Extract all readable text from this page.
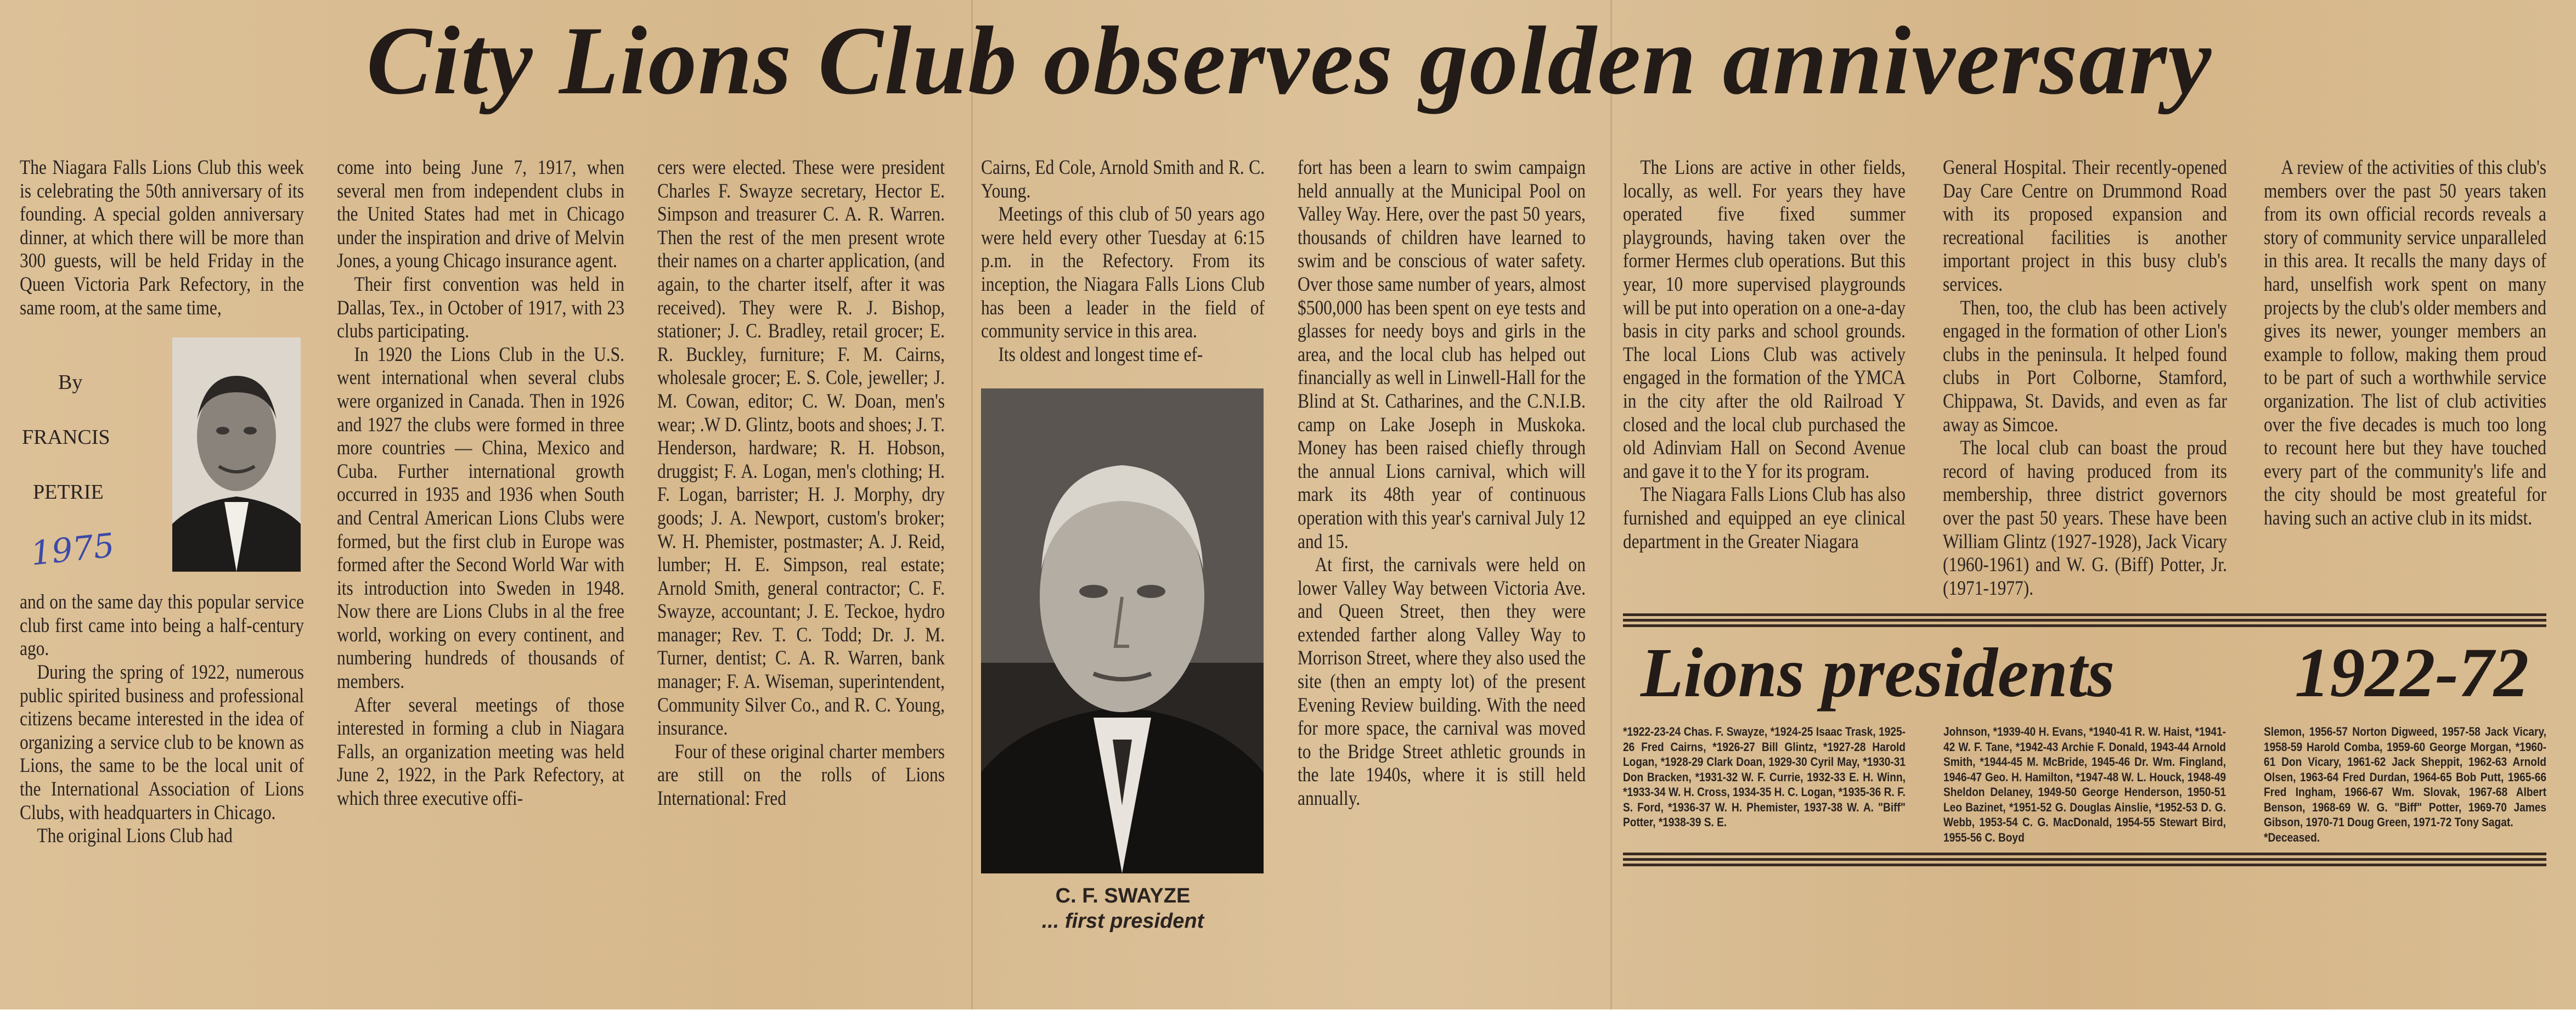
City Lions Club observes golden anniversary

The Niagara Falls Lions Club this week is celebrating the 50th anniversary of its founding. A special golden anniversary dinner, at which there will be more than 300 guests, will be held Friday in the Queen Victoria Park Refectory, in the same room, at the same time,

By
FRANCIS
PETRIE
1975

and on the same day this popular service club first came into being a half-century ago.

During the spring of 1922, numerous public spirited business and professional citizens became interested in the idea of organizing a service club to be known as Lions, the same to be the local unit of the International Association of Lions Clubs, with headquarters in Chicago.

The original Lions Club had

come into being June 7, 1917, when several men from independent clubs in the United States had met in Chicago under the inspiration and drive of Melvin Jones, a young Chicago insurance agent.

Their first convention was held in Dallas, Tex., in October of 1917, with 23 clubs participating.

In 1920 the Lions Club in the U.S. went international when several clubs were organized in Canada. Then in 1926 and 1927 the clubs were formed in three more countries — China, Mexico and Cuba. Further international growth occurred in 1935 and 1936 when South and Central American Lions Clubs were formed, but the first club in Europe was formed after the Second World War with its introduction into Sweden in 1948. Now there are Lions Clubs in al the free world, working on every continent, and numbering hundreds of thousands of members.

After several meetings of those interested in forming a club in Niagara Falls, an organization meeting was held June 2, 1922, in the Park Refectory, at which three executive offi-

cers were elected. These were president Charles F. Swayze secretary, Hector E. Simpson and treasurer C. A. R. Warren. Then the rest of the men present wrote their names on a charter application, (and again, to the charter itself, after it was received). They were R. J. Bishop, stationer; J. C. Bradley, retail grocer; E. R. Buckley, furniture; F. M. Cairns, wholesale grocer; E. S. Cole, jeweller; J. M. Cowan, editor; C. W. Doan, men's wear; .W D. Glintz, boots and shoes; J. T. Henderson, hardware; R. H. Hobson, druggist; F. A. Logan, men's clothing; H. F. Logan, barrister; H. J. Morphy, dry goods; J. A. Newport, custom's broker; W. H. Phemister, postmaster; A. J. Reid, lumber; H. E. Simpson, real estate; Arnold Smith, general contractor; C. F. Swayze, accountant; J. E. Teckoe, hydro manager; Rev. T. C. Todd; Dr. J. M. Turner, dentist; C. A. R. Warren, bank manager; F. A. Wiseman, superintendent, Community Silver Co., and R. C. Young, insurance.

Four of these original charter members are still on the rolls of Lions International: Fred

Cairns, Ed Cole, Arnold Smith and R. C. Young.

Meetings of this club of 50 years ago were held every other Tuesday at 6:15 p.m. in the Refectory. From its inception, the Niagara Falls Lions Club has been a leader in the field of community service in this area.

Its oldest and longest time ef-

C. F. SWAYZE
... first president

fort has been a learn to swim campaign held annually at the Municipal Pool on Valley Way. Here, over the past 50 years, thousands of children have learned to swim and be conscious of water safety. Over those same number of years, almost $500,000 has been spent on eye tests and glasses for needy boys and girls in the area, and the local club has helped out financially as well in Linwell-Hall for the Blind at St. Catharines, and the C.N.I.B. camp on Lake Joseph in Muskoka. Money has been raised chiefly through the annual Lions carnival, which will mark its 48th year of continuous operation with this year's carnival July 12 and 15.

At first, the carnivals were held on lower Valley Way between Victoria Ave. and Queen Street, then they were extended farther along Valley Way to Morrison Street, where they also used the site (then an empty lot) of the present Evening Review building. With the need for more space, the carnival was moved to the Bridge Street athletic grounds in the late 1940s, where it is still held annually.

The Lions are active in other fields, locally, as well. For years they have operated five fixed summer playgrounds, having taken over the former Hermes club operations. But this year, 10 more supervised playgrounds will be put into operation on a one-a-day basis in city parks and school grounds. The local Lions Club was actively engaged in the formation of the YMCA in the city after the old Railroad Y closed and the local club purchased the old Adinviam Hall on Second Avenue and gave it to the Y for its program.

The Niagara Falls Lions Club has also furnished and equipped an eye clinical department in the Greater Niagara

General Hospital. Their recently-opened Day Care Centre on Drummond Road with its proposed expansion and recreational facilities is another important project in this busy club's services.

Then, too, the club has been actively engaged in the formation of other Lion's clubs in the peninsula. It helped found clubs in Port Colborne, Stamford, Chippawa, St. Davids, and even as far away as Simcoe.

The local club can boast the proud record of having produced from its membership, three district governors over the past 50 years. These have been William Glintz (1927-1928), Jack Vicary (1960-1961) and W. G. (Biff) Potter, Jr. (1971-1977).

A review of the activities of this club's members over the past 50 years taken from its own official records reveals a story of community service unparalleled in this area. It recalls the many days of hard, unselfish work spent on many projects by the club's older members and gives its newer, younger members an example to follow, making them proud to be part of such a worthwhile service organization. The list of club activities over the five decades is much too long to recount here but they have touched every part of the community's life and the city should be most greateful for having such an active club in its midst.

Lions presidents	1922-72

*1922-23-24 Chas. F. Swayze, *1924-25 Isaac Trask, 1925-26 Fred Cairns, *1926-27 Bill Glintz, *1927-28 Harold Logan, *1928-29 Clark Doan, 1929-30 Cyril May, *1930-31 Don Bracken, *1931-32 W. F. Currie, 1932-33 E. H. Winn, *1933-34 W. H. Cross, 1934-35 H. C. Logan, *1935-36 R. F. S. Ford, *1936-37 W. H. Phemister, 1937-38 W. A. "Biff" Potter, *1938-39 S. E.

Johnson, *1939-40 H. Evans, *1940-41 R. W. Haist, *1941-42 W. F. Tane, *1942-43 Archie F. Donald, 1943-44 Arnold Smith, *1944-45 M. McBride, 1945-46 Dr. Wm. Fingland, 1946-47 Geo. H. Hamilton, *1947-48 W. L. Houck, 1948-49 Sheldon Delaney, 1949-50 George Henderson, 1950-51 Leo Bazinet, *1951-52 G. Douglas Ainslie, *1952-53 D. G. Webb, 1953-54 C. G. MacDonald, 1954-55 Stewart Bird, 1955-56 C. Boyd

Slemon, 1956-57 Norton Digweed, 1957-58 Jack Vicary, 1958-59 Harold Comba, 1959-60 George Morgan, *1960-61 Don Vicary, 1961-62 Jack Sheppit, 1962-63 Arnold Olsen, 1963-64 Fred Durdan, 1964-65 Bob Putt, 1965-66 Fred Ingham, 1966-67 Wm. Slovak, 1967-68 Albert Benson, 1968-69 W. G. "Biff" Potter, 1969-70 James Gibson, 1970-71 Doug Green, 1971-72 Tony Sagat.

*Deceased.
